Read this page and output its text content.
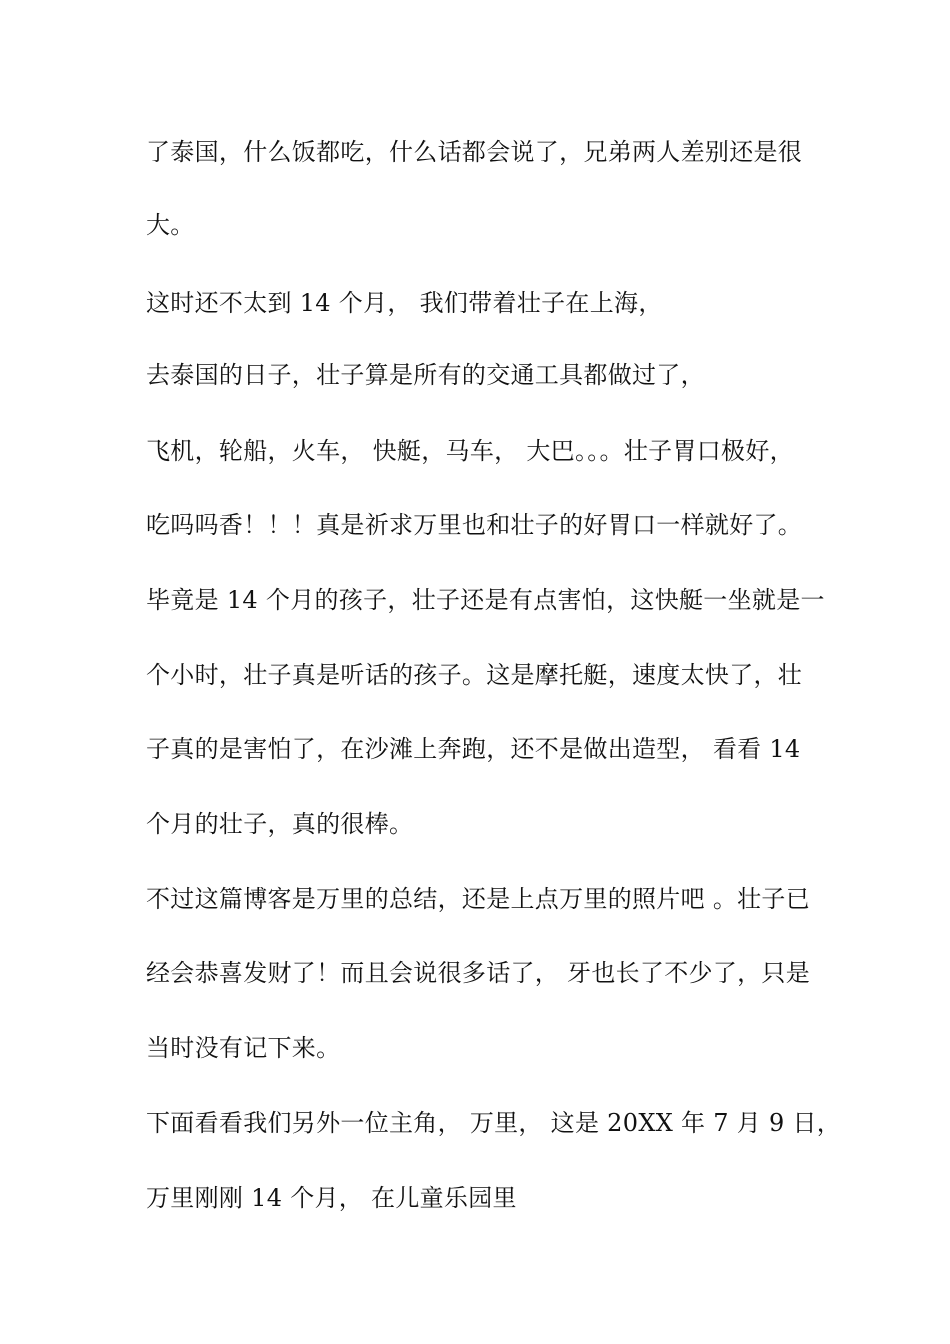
了泰国，什么饭都吃，什么话都会说了，兄弟两人差别还是很
大。
这时还不太到 14 个月， 我们带着壮子在上海，
去泰国的日子，壮子算是所有的交通工具都做过了，
飞机，轮船，火车， 快艇，马车， 大巴。。。壮子胃口极好，
吃吗吗香！！！真是祈求万里也和壮子的好胃口一样就好了。
毕竟是 14 个月的孩子，壮子还是有点害怕，这快艇一坐就是一
个小时，壮子真是听话的孩子。这是摩托艇，速度太快了，壮
子真的是害怕了，在沙滩上奔跑，还不是做出造型， 看看 14
个月的壮子，真的很棒。
不过这篇博客是万里的总结，还是上点万里的照片吧 。壮子已
经会恭喜发财了！而且会说很多话了， 牙也长了不少了，只是
当时没有记下来。
下面看看我们另外一位主角， 万里， 这是 20XX 年 7 月 9 日，
万里刚刚 14 个月， 在儿童乐园里
